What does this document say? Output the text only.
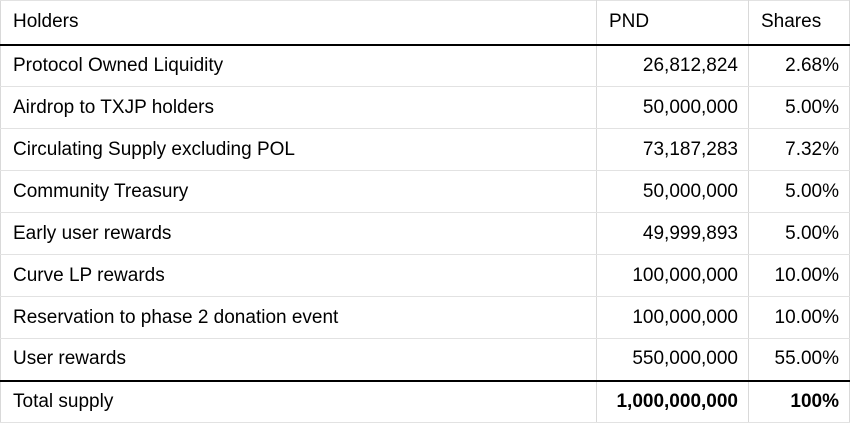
Holders	PND	Shares
Protocol Owned Liquidity	26,812,824	2.68%
Airdrop to TXJP holders	50,000,000	5.00%
Circulating Supply excluding POL	73,187,283	7.32%
Community Treasury	50,000,000	5.00%
Early user rewards	49,999,893	5.00%
Curve LP rewards	100,000,000	10.00%
Reservation to phase 2 donation event	100,000,000	10.00%
User rewards	550,000,000	55.00%
Total supply	1,000,000,000	100%
